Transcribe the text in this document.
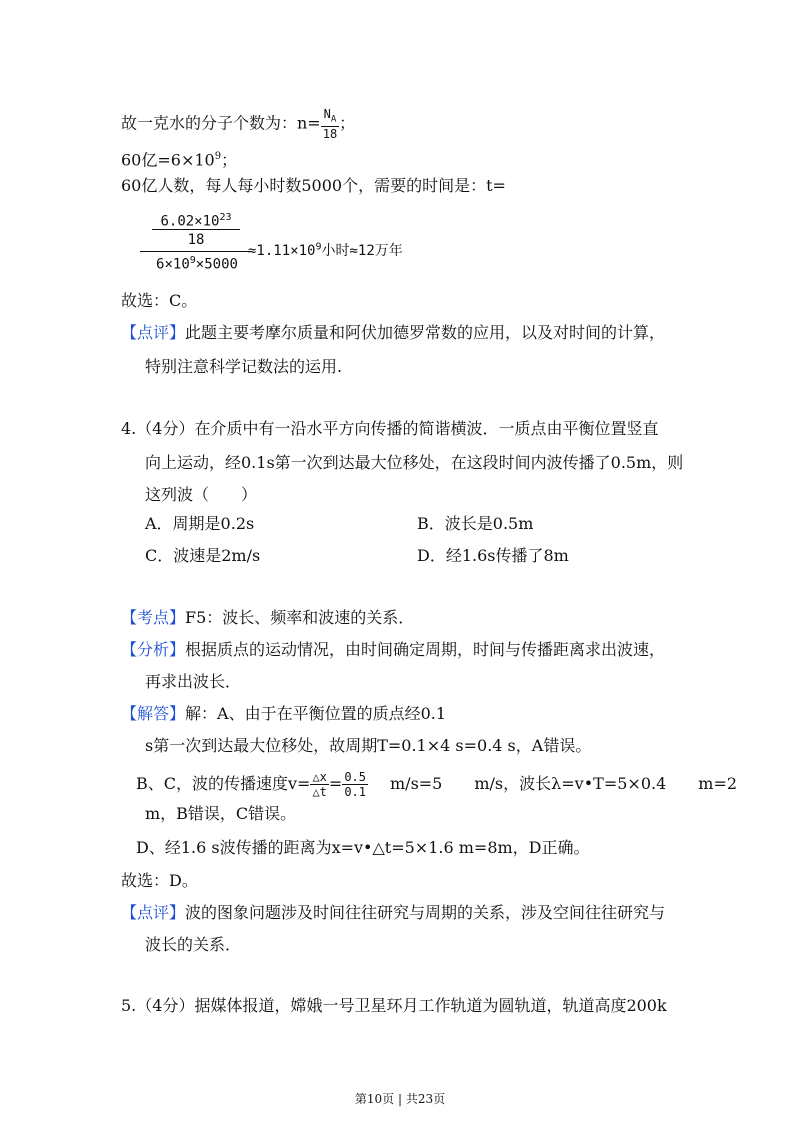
故一克水的分子个数为：$n= \frac{N_A}{18}$ ；
60亿$=6\times 10^9$；
60亿人数，每人每小时数5000个，需要的时间是：t=
$6.02\times 10^{23}$
18
$6\times 10^9\times 5000$
$\approx 1.11\times 10^9$小时≈12万年
故选：C。
【点评】此题主要考摩尔质量和阿伏加德罗常数的应用，以及对时间的计算，
特别注意科学记数法的运用.
4.（4分）在介质中有一沿水平方向传播的简谐横波．一质点由平衡位置竖直
向上运动，经0.1s第一次到达最大位移处，在这段时间内波传播了0.5m，则
这列波（　　）
A．周期是0.2s	B．波长是0.5m
C．波速是2m/s	D．经1.6s传播了8m
【考点】F5：波长、频率和波速的关系．
【分析】根据质点的运动情况，由时间确定周期，时间与传播距离求出波速，
再求出波长．
【解答】解：A、由于在平衡位置的质点经0.1
s第一次到达最大位移处，故周期T=0.1×4 s=0.4 s，A错误。
B、C，波的传播速度$v= \frac{\triangle x}{\triangle t} = \frac{0.5}{0.1} m/s=5$　　m/s，波长λ=v•T=5×0.4　　m=2
m，B错误，C错误。
D、经1.6 s波传播的距离为x=v•△t=5×1.6 m=8m，D正确。
故选：D。
【点评】波的图象问题涉及时间往往研究与周期的关系，涉及空间往往研究与
波长的关系．
5.（4分）据媒体报道，嫦娥一号卫星环月工作轨道为圆轨道，轨道高度200k
第10页 | 共23页
